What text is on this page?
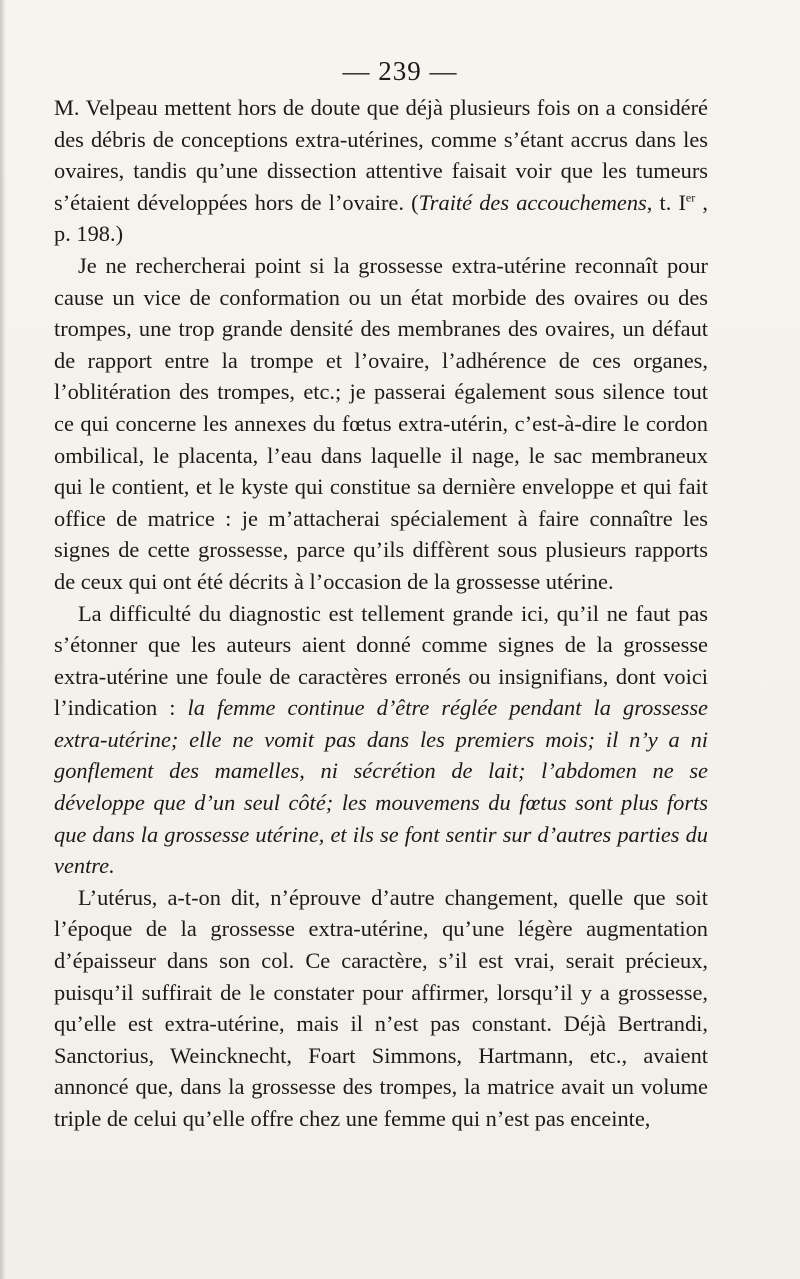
— 239 —

M. Velpeau mettent hors de doute que déjà plusieurs fois on a considéré des débris de conceptions extra-utérines, comme s’étant accrus dans les ovaires, tandis qu’une dissection attentive faisait voir que les tumeurs s’étaient développées hors de l’ovaire. (Traité des accouchemens, t. Ier , p. 198.)

Je ne rechercherai point si la grossesse extra-utérine reconnaît pour cause un vice de conformation ou un état morbide des ovaires ou des trompes, une trop grande densité des membranes des ovaires, un défaut de rapport entre la trompe et l’ovaire, l’adhérence de ces organes, l’oblitération des trompes, etc.; je passerai également sous silence tout ce qui concerne les annexes du fœtus extra-utérin, c’est-à-dire le cordon ombilical, le placenta, l’eau dans laquelle il nage, le sac membraneux qui le contient, et le kyste qui constitue sa dernière enveloppe et qui fait office de matrice : je m’attacherai spécialement à faire connaître les signes de cette grossesse, parce qu’ils diffèrent sous plusieurs rapports de ceux qui ont été décrits à l’occasion de la grossesse utérine.

La difficulté du diagnostic est tellement grande ici, qu’il ne faut pas s’étonner que les auteurs aient donné comme signes de la grossesse extra-utérine une foule de caractères erronés ou insignifians, dont voici l’indication : la femme continue d’être réglée pendant la grossesse extra-utérine; elle ne vomit pas dans les premiers mois; il n’y a ni gonflement des mamelles, ni sécrétion de lait; l’abdomen ne se développe que d’un seul côté; les mouvemens du fœtus sont plus forts que dans la grossesse utérine, et ils se font sentir sur d’autres parties du ventre.

L’utérus, a-t-on dit, n’éprouve d’autre changement, quelle que soit l’époque de la grossesse extra-utérine, qu’une légère augmentation d’épaisseur dans son col. Ce caractère, s’il est vrai, serait précieux, puisqu’il suffirait de le constater pour affirmer, lorsqu’il y a grossesse, qu’elle est extra-utérine, mais il n’est pas constant. Déjà Bertrandi, Sanctorius, Weincknecht, Foart Simmons, Hartmann, etc., avaient annoncé que, dans la grossesse des trompes, la matrice avait un volume triple de celui qu’elle offre chez une femme qui n’est pas enceinte,
